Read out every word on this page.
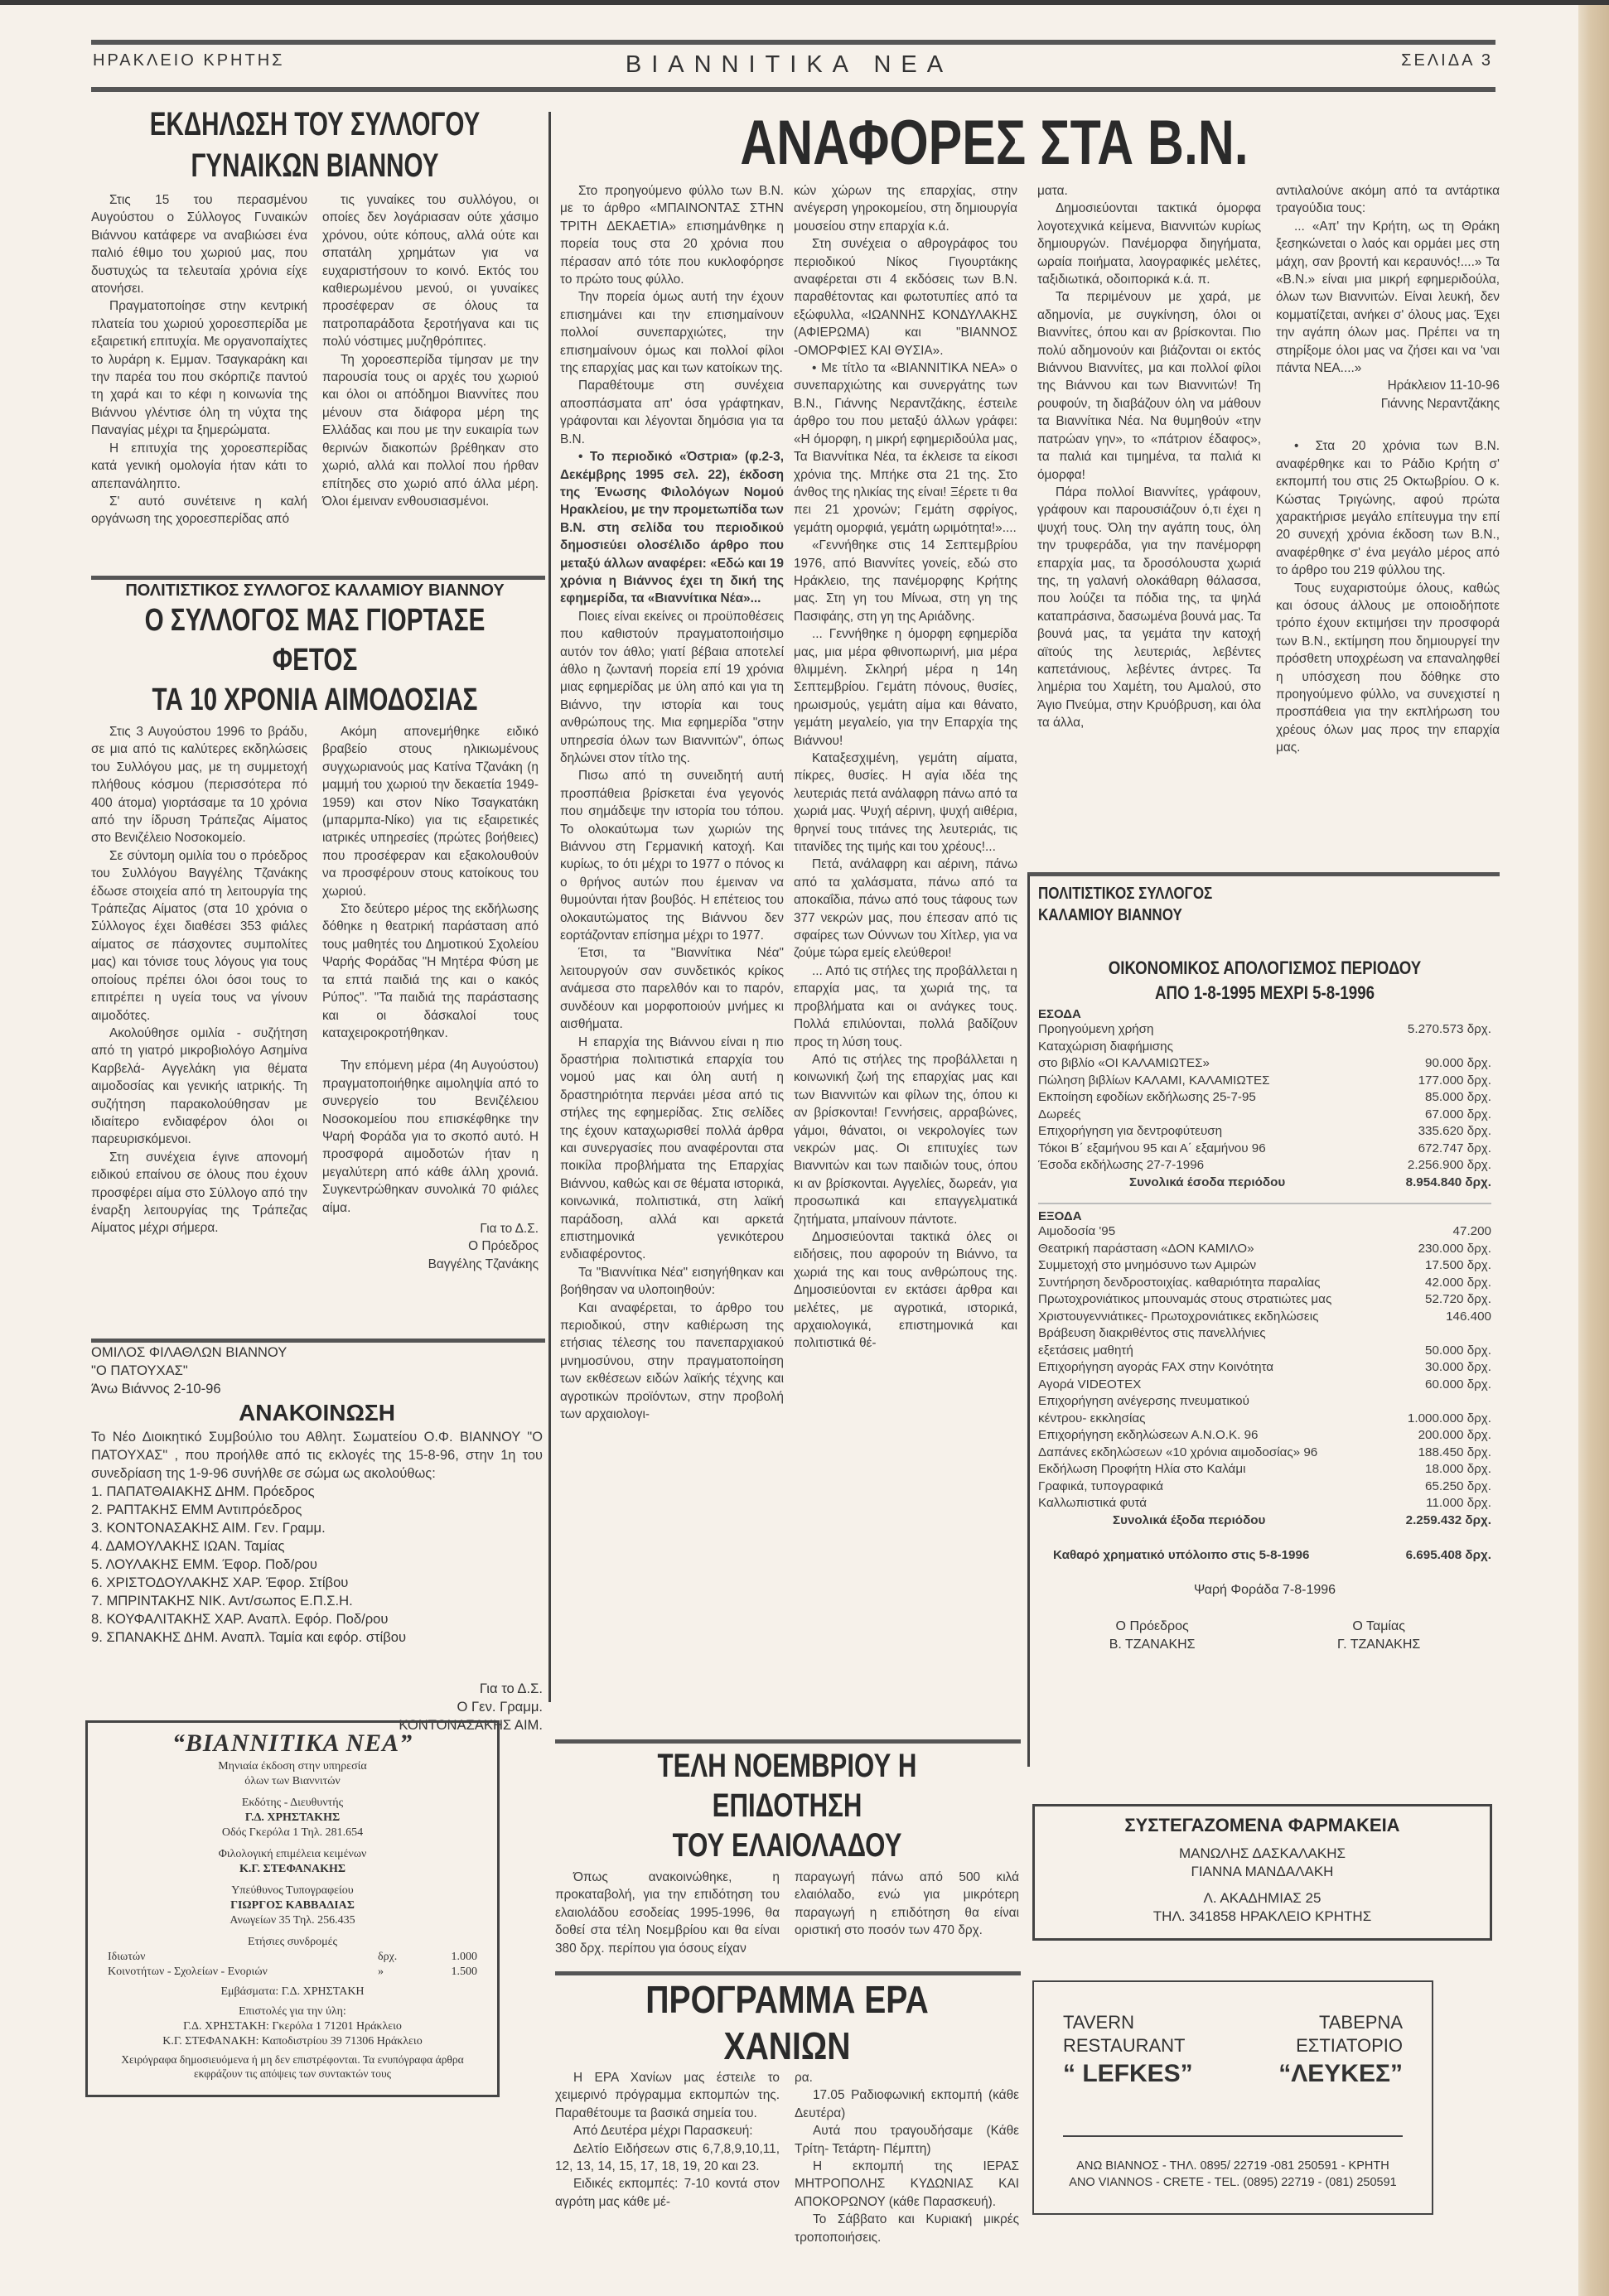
ΗΡΑΚΛΕΙΟ ΚΡΗΤΗΣ	ΒΙΑΝΝΙΤΙΚΑ ΝΕΑ	ΣΕΛΙΔΑ 3
ΕΚΔΗΛΩΣΗ ΤΟΥ ΣΥΛΛΟΓΟΥ
ΓΥΝΑΙΚΩΝ ΒΙΑΝΝΟΥ

Στις 15 του περασμένου Αυγούστου ο Σύλλογος Γυναικών Βιάννου κατάφερε να αναβιώσει ένα παλιό έθιμο του χωριού μας, που δυστυχώς τα τελευταία χρόνια είχε ατονήσει.

Πραγματοποίησε στην κεντρική πλατεία του χωριού χοροεσπερίδα με εξαιρετική επιτυχία. Με οργανοπαίχτες το λυράρη κ. Εμμαν. Τσαγκαράκη και την παρέα του που σκόρπιζε παντού τη χαρά και το κέφι η κοινωνία της Βιάννου γλέντισε όλη τη νύχτα της Παναγίας μέχρι τα ξημερώματα.

Η επιτυχία της χοροεσπερίδας κατά γενική ομολογία ήταν κάτι το απεπανάληπτο.

Σ' αυτό συνέτεινε η καλή οργάνωση της χοροεσπερίδας από

τις γυναίκες του συλλόγου, οι οποίες δεν λογάριασαν ούτε χάσιμο χρόνου, ούτε κόπους, αλλά ούτε και σπατάλη χρημάτων για να ευχαριστήσουν το κοινό. Εκτός του καθιερωμένου μενού, οι γυναίκες προσέφεραν σε όλους τα πατροπαράδοτα ξεροτήγανα και τις πολύ νόστιμες μυζηθρόπιτες.

Τη χοροεσπερίδα τίμησαν με την παρουσία τους οι αρχές του χωριού και όλοι οι απόδημοι Βιαννίτες που μένουν στα διάφορα μέρη της Ελλάδας και που με την ευκαιρία των θερινών διακοπών βρέθηκαν στο χωριό, αλλά και πολλοί που ήρθαν επίτηδες στο χωριό από άλλα μέρη. Όλοι έμειναν ενθουσιασμένοι.

ΠΟΛΙΤΙΣΤΙΚΟΣ ΣΥΛΛΟΓΟΣ ΚΑΛΑΜΙΟΥ ΒΙΑΝΝΟΥ
Ο ΣΥΛΛΟΓΟΣ ΜΑΣ ΓΙΟΡΤΑΣΕ ΦΕΤΟΣ
ΤΑ 10 ΧΡΟΝΙΑ ΑΙΜΟΔΟΣΙΑΣ

Στις 3 Αυγούστου 1996 το βράδυ, σε μια από τις καλύτερες εκδηλώσεις του Συλλόγου μας, με τη συμμετοχή πλήθους κόσμου (περισσότερα πό 400 άτομα) γιορτάσαμε τα 10 χρόνια από την ίδρυση Τράπεζας Αίματος στο Βενιζέλειο Νοσοκομείο.

Σε σύντομη ομιλία του ο πρόεδρος του Συλλόγου Βαγγέλης Τζανάκης έδωσε στοιχεία από τη λειτουργία της Τράπεζας Αίματος (στα 10 χρόνια ο Σύλλογος έχει διαθέσει 353 φιάλες αίματος σε πάσχοντες συμπολίτες μας) και τόνισε τους λόγους για τους οποίους πρέπει όλοι όσοι τους το επιτρέπει η υγεία τους να γίνουν αιμοδότες.

Ακολούθησε ομιλία - συζήτηση από τη γιατρό μικροβιολόγο Ασημίνα Καρβελά- Αγγελάκη για θέματα αιμοδοσίας και γενικής ιατρικής. Τη συζήτηση παρακολούθησαν με ιδιαίτερο ενδιαφέρον όλοι οι παρευρισκόμενοι.

Στη συνέχεια έγινε απονομή ειδικού επαίνου σε όλους που έχουν προσφέρει αίμα στο Σύλλογο από την έναρξη λειτουργίας της Τράπεζας Αίματος μέχρι σήμερα.

Ακόμη απονεμήθηκε ειδικό βραβείο στους ηλικιωμένους συγχωριανούς μας Κατίνα Τζανάκη (η μαμμή του χωριού την δεκαετία 1949-1959) και στον Νίκο Τσαγκατάκη (μπαρμπα-Νίκο) για τις εξαιρετικές ιατρικές υπηρεσίες (πρώτες βοήθειες) που προσέφεραν και εξακολουθούν να προσφέρουν στους κατοίκους του χωριού.

Στο δεύτερο μέρος της εκδήλωσης δόθηκε η θεατρική παράσταση από τους μαθητές του Δημοτικού Σχολείου Ψαρής Φοράδας "Η Μητέρα Φύση με τα επτά παιδιά της και ο κακός Ρύπος". "Τα παιδιά της παράστασης και οι δάσκαλοί τους καταχειροκροτήθηκαν.

Την επόμενη μέρα (4η Αυγούστου) πραγματοποιήθηκε αιμοληψία από το συνεργείο του Βενιζέλειου Νοσοκομείου που επισκέφθηκε την Ψαρή Φοράδα για το σκοπό αυτό. Η προσφορά αιμοδοτών ήταν η μεγαλύτερη από κάθε άλλη χρονιά. Συγκεντρώθηκαν συνολικά 70 φιάλες αίμα.

Για το Δ.Σ.
Ο Πρόεδρος
Βαγγέλης Τζανάκης
ΟΜΙΛΟΣ ΦΙΛΑΘΛΩΝ ΒΙΑΝΝΟΥ
"Ο ΠΑΤΟΥΧΑΣ"
Άνω Βιάννος 2-10-96
ΑΝΑΚΟΙΝΩΣΗ
Το Νέο Διοικητικό Συμβούλιο του Αθλητ. Σωματείου Ο.Φ. ΒΙΑΝΝΟΥ "Ο ΠΑΤΟΥΧΑΣ" , που προήλθε από τις εκλογές της 15-8-96, στην 1η του συνεδρίαση της 1-9-96 συνήλθε σε σώμα ως ακολούθως:
1. ΠΑΠΑΤΘΑΙΑΚΗΣ ΔΗΜ. Πρόεδρος
2. ΡΑΠΤΑΚΗΣ ΕΜΜ Αντιπρόεδρος
3. ΚΟΝΤΟΝΑΣΑΚΗΣ ΑΙΜ. Γεν. Γραμμ.
4. ΔΑΜΟΥΛΑΚΗΣ ΙΩΑΝ. Ταμίας
5. ΛΟΥΛΑΚΗΣ ΕΜΜ. Έφορ. Ποδ/ρου
6. ΧΡΙΣΤΟΔΟΥΛΑΚΗΣ ΧΑΡ. Έφορ. Στίβου
7. ΜΠΡΙΝΤΑΚΗΣ ΝΙΚ. Αντ/σωπος Ε.Π.Σ.Η.
8. ΚΟΥΦΑΛΙΤΑΚΗΣ ΧΑΡ. Αναπλ. Εφόρ. Ποδ/ρου
9. ΣΠΑΝΑΚΗΣ ΔΗΜ. Αναπλ. Ταμία και εφόρ. στίβου
Για το Δ.Σ.
Ο Γεν. Γραμμ.
ΚΟΝΤΟΝΑΣΑΚΗΣ ΑΙΜ.
“ΒΙΑΝΝΙΤΙΚΑ ΝΕΑ”
Μηνιαία έκδοση στην υπηρεσία
όλων των Βιαννιτών
Εκδότης - Διευθυντής
Γ.Δ. ΧΡΗΣΤΑΚΗΣ
Οδός Γκερόλα 1 Τηλ. 281.654
Φιλολογική επιμέλεια κειμένων
Κ.Γ. ΣΤΕΦΑΝΑΚΗΣ
Υπεύθυνος Τυπογραφείου
ΓΙΩΡΓΟΣ ΚΑΒΒΑΔΙΑΣ
Ανωγείων 35 Τηλ. 256.435
Ετήσιες συνδρομές
Ιδιωτών	δρχ.	1.000
Κοινοτήτων - Σχολείων - Ενοριών	»	1.500
Εμβάσματα: Γ.Δ. ΧΡΗΣΤΑΚΗ
Επιστολές για την ύλη:
Γ.Δ. ΧΡΗΣΤΑΚΗ: Γκερόλα 1 71201 Ηράκλειο
Κ.Γ. ΣΤΕΦΑΝΑΚΗ: Καποδιστρίου 39 71306 Ηράκλειο
Χειρόγραφα δημοσιευόμενα ή μη δεν επιστρέφονται. Τα ενυπόγραφα άρθρα εκφράζουν τις απόψεις των συντακτών τους
ΑΝΑΦΟΡΕΣ ΣΤΑ Β.Ν.

Στο προηγούμενο φύλλο των Β.Ν. με το άρθρο «ΜΠΑΙΝΟΝΤΑΣ ΣΤΗΝ ΤΡΙΤΗ ΔΕΚΑΕΤΙΑ» επισημάνθηκε η πορεία τους στα 20 χρόνια που πέρασαν από τότε που κυκλοφόρησε το πρώτο τους φύλλο.

Την πορεία όμως αυτή την έχουν επισημάνει και την επισημαίνουν πολλοί συνεπαρχιώτες, την επισημαίνουν όμως και πολλοί φίλοι της επαρχίας μας και των κατοίκων της.

Παραθέτουμε στη συνέχεια αποσπάσματα απ' όσα γράφτηκαν, γράφονται και λέγονται δημόσια για τα Β.Ν.

• Το περιοδικό «Όστρια» (φ.2-3, Δεκέμβρης 1995 σελ. 22), έκδοση της Ένωσης Φιλολόγων Νομού Ηρακλείου, με την προμετωπίδα των Β.Ν. στη σελίδα του περιοδικού δημοσιεύει ολοσέλιδο άρθρο που μεταξύ άλλων αναφέρει: «Εδώ και 19 χρόνια η Βιάννος έχει τη δική της εφημερίδα, τα «Βιαννίτικα Νέα»...

Ποιες είναι εκείνες οι προϋποθέσεις που καθιστούν πραγματοποιήσιμο αυτόν τον άθλο; γιατί βέβαια αποτελεί άθλο η ζωντανή πορεία επί 19 χρόνια μιας εφημερίδας με ύλη από και για τη Βιάννο, την ιστορία και τους ανθρώπους της. Μια εφημερίδα "στην υπηρεσία όλων των Βιαννιτών", όπως δηλώνει στον τίτλο της.

Πισω από τη συνειδητή αυτή προσπάθεια βρίσκεται ένα γεγονός που σημάδεψε την ιστορία του τόπου. Το ολοκαύτωμα των χωριών της Βιάννου στη Γερμανική κατοχή. Και κυρίως, το ότι μέχρι το 1977 ο πόνος κι ο θρήνος αυτών που έμειναν να θυμούνται ήταν βουβός. Η επέτειος του ολοκαυτώματος της Βιάννου δεν εορτάζονταν επίσημα μέχρι το 1977.

Έτσι, τα "Βιαννίτικα Νέα" λειτουργούν σαν συνδετικός κρίκος ανάμεσα στο παρελθόν και το παρόν, συνδέουν και μορφοποιούν μνήμες κι αισθήματα.

Η επαρχία της Βιάννου είναι η πιο δραστήρια πολιτιστικά επαρχία του νομού μας και όλη αυτή η δραστηριότητα περνάει μέσα από τις στήλες της εφημερίδας. Στις σελίδες της έχουν καταχωρισθεί πολλά άρθρα και συνεργασίες που αναφέρονται στα ποικίλα προβλήματα της Επαρχίας Βιάννου, καθώς και σε θέματα ιστορικά, κοινωνικά, πολιτιστικά, στη λαϊκή παράδοση, αλλά και αρκετά επιστημονικά γενικότερου ενδιαφέροντος.

Τα "Βιαννίτικα Νέα" εισηγήθηκαν και βοήθησαν να υλοποιηθούν:

Και αναφέρεται, το άρθρο του περιοδικού, στην καθιέρωση της ετήσιας τέλεσης του πανεπαρχιακού μνημοσύνου, στην πραγματοποίηση των εκθέσεων ειδών λαϊκής τέχνης και αγροτικών προϊόντων, στην προβολή των αρχαιολογι-

κών χώρων της επαρχίας, στην ανέγερση γηροκομείου, στη δημιουργία μουσείου στην επαρχία κ.ά.

Στη συνέχεια ο αθρογράφος του περιοδικού Νίκος Γιγουρτάκης αναφέρεται στι 4 εκδόσεις των Β.Ν. παραθέτοντας και φωτοτυπίες από τα εξώφυλλα, «ΙΩΑΝΝΗΣ ΚΟΝΔΥΛΑΚΗΣ (ΑΦΙΕΡΩΜΑ) και "ΒΙΑΝΝΟΣ -ΟΜΟΡΦΙΕΣ ΚΑΙ ΘΥΣΙΑ».

• Με τίτλο τα «ΒΙΑΝΝΙΤΙΚΑ ΝΕΑ» ο συνεπαρχιώτης και συνεργάτης των Β.Ν., Γιάννης Νεραντζάκης, έστειλε άρθρο του που μεταξύ άλλων γράφει: «Η όμορφη, η μικρή εφημεριδούλα μας, Τα Βιαννίτικα Νέα, τα έκλεισε τα είκοσι χρόνια της. Μπήκε στα 21 της. Στο άνθος της ηλικίας της είναι! Ξέρετε τι θα πει 21 χρονών; Γεμάτη σφρίγος, γεμάτη ομορφιά, γεμάτη ωριμότητα!»....

«Γεννήθηκε στις 14 Σεπτεμβρίου 1976, από Βιαννίτες γονείς, εδώ στο Ηράκλειο, της πανέμορφης Κρήτης μας. Στη γη του Μίνωα, στη γη της Πασιφάης, στη γη της Αριάδνης.

... Γεννήθηκε η όμορφη εφημερίδα μας, μια μέρα φθινοπωρινή, μια μέρα θλιμμένη. Σκληρή μέρα η 14η Σεπτεμβρίου. Γεμάτη πόνους, θυσίες, ηρωισμούς, γεμάτη αίμα και θάνατο, γεμάτη μεγαλείο, για την Επαρχία της Βιάννου!

Καταξεσχιμένη, γεμάτη αίματα, πίκρες, θυσίες. Η αγία ιδέα της λευτεριάς πετά ανάλαφρη πάνω από τα χωριά μας. Ψυχή αέρινη, ψυχή αιθέρια, θρηνεί τους τιτάνες της λευτεριάς, τις τιτανίδες της τιμής και του χρέους!...

Πετά, ανάλαφρη και αέρινη, πάνω από τα χαλάσματα, πάνω από τα αποκαΐδια, πάνω από τους τάφους των 377 νεκρών μας, που έπεσαν από τις σφαίρες των Ούννων του Χίτλερ, για να ζούμε τώρα εμείς ελεύθεροι!

... Από τις στήλες της προβάλλεται η επαρχία μας, τα χωριά της, τα προβλήματα και οι ανάγκες τους. Πολλά επιλύονται, πολλά βαδίζουν προς τη λύση τους.

Από τις στήλες της προβάλλεται η κοινωνική ζωή της επαρχίας μας και των Βιαννιτών και φίλων της, όπου κι αν βρίσκονται! Γεννήσεις, αρραβώνες, γάμοι, θάνατοι, οι νεκρολογίες των νεκρών μας. Οι επιτυχίες των Βιαννιτών και των παιδιών τους, όπου κι αν βρίσκονται. Αγγελίες, δωρεάν, για προσωπικά και επαγγελματικά ζητήματα, μπαίνουν πάντοτε.

Δημοσιεύονται τακτικά όλες οι ειδήσεις, που αφορούν τη Βιάννο, τα χωριά της και τους ανθρώπους της. Δημοσιεύονται εν εκτάσει άρθρα και μελέτες, με αγροτικά, ιστορικά, αρχαιολογικά, επιστημονικά και πολιτιστικά θέ-

ματα.

Δημοσιεύονται τακτικά όμορφα λογοτεχνικά κείμενα, Βιαννιτών κυρίως δημιουργών. Πανέμορφα διηγήματα, ωραία ποιήματα, λαογραφικές μελέτες, ταξιδιωτικά, οδοιπορικά κ.ά. π.

Τα περιμένουν με χαρά, με αδημονία, με συγκίνηση, όλοι οι Βιαννίτες, όπου και αν βρίσκονται. Πιο πολύ αδημονούν και βιάζονται οι εκτός Βιάννου Βιαννίτες, μα και πολλοί φίλοι της Βιάννου και των Βιαννιτών! Τη ρουφούν, τη διαβάζουν όλη να μάθουν τα Βιαννίτικα Νέα. Να θυμηθούν «την πατρώαν γην», το «πάτριον έδαφος», τα παλιά και τιμημένα, τα παλιά κι όμορφα!

Πάρα πολλοί Βιαννίτες, γράφουν, γράφουν και παρουσιάζουν ό,τι έχει η ψυχή τους. Όλη την αγάπη τους, όλη την τρυφεράδα, για την πανέμορφη επαρχία μας, τα δροσόλουστα χωριά της, τη γαλανή ολοκάθαρη θάλασσα, που λούζει τα πόδια της, τα ψηλά καταπράσινα, δασωμένα βουνά μας. Τα βουνά μας, τα γεμάτα την κατοχή αϊτούς της λευτεριάς, λεβέντες καπετάνιους, λεβέντες άντρες. Τα λημέρια του Χαμέτη, του Αμαλού, στο Άγιο Πνεύμα, στην Κρυόβρυση, και όλα τα άλλα,

αντιλαλούνε ακόμη από τα αντάρτικα τραγούδια τους:

... «Απ' την Κρήτη, ως τη Θράκη ξεσηκώνεται ο λαός και ορμάει μες στη μάχη, σαν βροντή και κεραυνός!....» Τα «Β.Ν.» είναι μια μικρή εφημεριδούλα, όλων των Βιαννιτών. Είναι λευκή, δεν κομματίζεται, ανήκει σ' όλους μας. Έχει την αγάπη όλων μας. Πρέπει να τη στηρίξομε όλοι μας να ζήσει και να 'ναι πάντα ΝΕΑ....»

Ηράκλειον 11-10-96
Γιάννης Νεραντζάκης

• Στα 20 χρόνια των Β.Ν. αναφέρθηκε και το Ράδιο Κρήτη σ' εκπομπή του στις 25 Οκτωβρίου. Ο κ. Κώστας Τριγώνης, αφού πρώτα χαρακτήρισε μεγάλο επίτευγμα την επί 20 συνεχή χρόνια έκδοση των Β.Ν., αναφέρθηκε σ' ένα μεγάλο μέρος από το άρθρο του 219 φύλλου της.

Τους ευχαριστούμε όλους, καθώς και όσους άλλους με οποιοδήποτε τρόπο έχουν εκτιμήσει την προσφορά των Β.Ν., εκτίμηση που δημιουργεί την πρόσθετη υποχρέωση να επαναληφθεί η υπόσχεση που δόθηκε στο προηγούμενο φύλλο, να συνεχιστεί η προσπάθεια για την εκπλήρωση του χρέους όλων μας προς την επαρχία μας.

ΤΕΛΗ ΝΟΕΜΒΡΙΟΥ Η ΕΠΙΔΟΤΗΣΗ
ΤΟΥ ΕΛΑΙΟΛΑΔΟΥ

Όπως ανακοινώθηκε, η προκαταβολή, για την επιδότηση του ελαιολάδου εσοδείας 1995-1996, θα δοθεί στα τέλη Νοεμβρίου και θα είναι 380 δρχ. περίπου για όσους είχαν

παραγωγή πάνω από 500 κιλά ελαιόλαδο, ενώ για μικρότερη παραγωγή η επιδότηση θα είναι οριστική στο ποσόν των 470 δρχ.

ΠΡΟΓΡΑΜΜΑ ΕΡΑ ΧΑΝΙΩΝ

Η ΕΡΑ Χανίων μας έστειλε το χειμερινό πρόγραμμα εκπομπών της. Παραθέτουμε τα βασικά σημεία του.

Από Δευτέρα μέχρι Παρασκευή:

Δελτίο Ειδήσεων στις 6,7,8,9,10,11, 12, 13, 14, 15, 17, 18, 19, 20 και 23.

Ειδικές εκπομπές: 7-10 κοντά στον αγρότη μας κάθε μέ-

ρα.

17.05 Ραδιοφωνική εκπομπή (κάθε Δευτέρα)

Αυτά που τραγουδήσαμε (Κάθε Τρίτη- Τετάρτη- Πέμπτη)

Η εκπομπή της ΙΕΡΑΣ ΜΗΤΡΟΠΟΛΗΣ ΚΥΔΩΝΙΑΣ ΚΑΙ ΑΠΟΚΟΡΩΝΟΥ (κάθε Παρασκευή).

Το Σάββατο και Κυριακή μικρές τροποποιήσεις.

ΠΟΛΙΤΙΣΤΙΚΟΣ ΣΥΛΛΟΓΟΣ
ΚΑΛΑΜΙΟΥ ΒΙΑΝΝΟΥ
ΟΙΚΟΝΟΜΙΚΟΣ ΑΠΟΛΟΓΙΣΜΟΣ ΠΕΡΙΟΔΟΥ
ΑΠΟ 1-8-1995 ΜΕΧΡΙ 5-8-1996
ΕΣΟΔΑ
Προηγούμενη χρήση	5.270.573 δρχ.
Καταχώριση διαφήμισης
στο βιβλίο «ΟΙ ΚΑΛΑΜΙΩΤΕΣ»	90.000 δρχ.
Πώληση βιβλίων ΚΑΛΑΜΙ, ΚΑΛΑΜΙΩΤΕΣ	177.000 δρχ.
Εκποίηση εφοδίων εκδήλωσης 25-7-95	85.000 δρχ.
Δωρεές	67.000 δρχ.
Επιχορήγηση για δεντροφύτευση	335.620 δρχ.
Τόκοι Β΄ εξαμήνου 95 και Α΄ εξαμήνου 96	672.747 δρχ.
Έσοδα εκδήλωσης 27-7-1996	2.256.900 δρχ.
Συνολικά έσοδα περιόδου	8.954.840 δρχ.
ΕΞΟΔΑ
Αιμοδοσία '95	47.200
Θεατρική παράσταση «ΔΟΝ ΚΑΜΙΛΟ»	230.000 δρχ.
Συμμετοχή στο μνημόσυνο των Αμιρών	17.500 δρχ.
Συντήρηση δενδροστοιχίας. καθαριότητα παραλίας	42.000 δρχ.
Πρωτοχρονιάτικος μπουναμάς στους στρατιώτες μας	52.720 δρχ.
Χριστουγεννιάτικες- Πρωτοχρονιάτικες εκδηλώσεις	146.400
Βράβευση διακριθέντος στις πανελλήνιες
εξετάσεις μαθητή	50.000 δρχ.
Επιχορήγηση αγοράς FAX στην Κοινότητα	30.000 δρχ.
Αγορά VIDEOTEX	60.000 δρχ.
Επιχορήγηση ανέγερσης πνευματικού
κέντρου- εκκλησίας	1.000.000 δρχ.
Επιχορήγηση εκδηλώσεων Α.Ν.Ο.Κ. 96	200.000 δρχ.
Δαπάνες εκδηλώσεων «10 χρόνια αιμοδοσίας» 96	188.450 δρχ.
Εκδήλωση Προφήτη Ηλία στο Καλάμι	18.000 δρχ.
Γραφικά, τυπογραφικά	65.250 δρχ.
Καλλωπιστικά φυτά	11.000 δρχ.
Συνολικά έξοδα περιόδου	2.259.432 δρχ.
Καθαρό χρηματικό υπόλοιπο στις 5-8-1996	6.695.408 δρχ.
Ψαρή Φοράδα 7-8-1996
Ο Πρόεδρος
Β. ΤΖΑΝΑΚΗΣ
Ο Ταμίας
Γ. ΤΖΑΝΑΚΗΣ
ΣΥΣΤΕΓΑΖΟΜΕΝΑ ΦΑΡΜΑΚΕΙΑ
ΜΑΝΩΛΗΣ ΔΑΣΚΑΛΑΚΗΣ
ΓΙΑΝΝΑ ΜΑΝΔΑΛΑΚΗ
Λ. ΑΚΑΔΗΜΙΑΣ 25
ΤΗΛ. 341858 ΗΡΑΚΛΕΙΟ ΚΡΗΤΗΣ
TAVERN
RESTAURANT
“ LEFKES”
ΤΑΒΕΡΝΑ
ΕΣΤΙΑΤΟΡΙΟ
“ΛΕΥΚΕΣ”
ΑΝΩ ΒΙΑΝΝΟΣ - ΤΗΛ. 0895/ 22719 -081 250591 - ΚΡΗΤΗ
ΑΝΟ VIANNOS - CRETE - TEL. (0895) 22719 - (081) 250591
